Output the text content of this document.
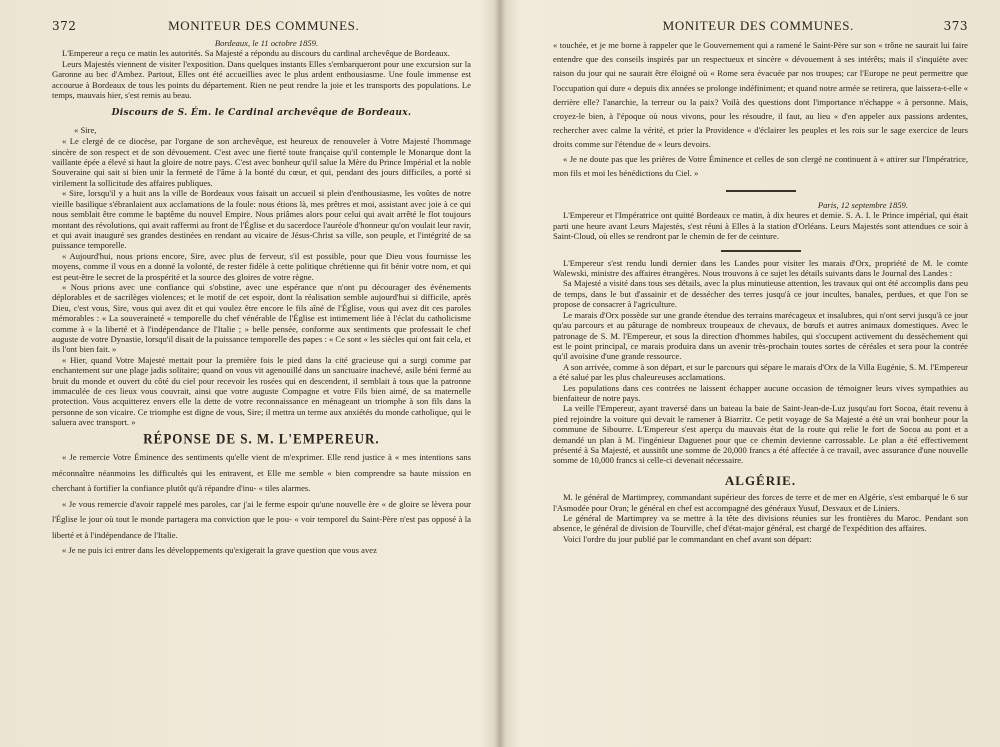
372	MONITEUR DES COMMUNES.

Bordeaux, le 11 octobre 1859.

L'Empereur a reçu ce matin les autorités. Sa Majesté a répondu au discours du cardinal archevêque de Bordeaux.

Leurs Majestés viennent de visiter l'exposition. Dans quelques instants Elles s'embarqueront pour une excursion sur la Garonne au bec d'Ambez. Partout, Elles ont été accueillies avec le plus ardent enthousiasme. Une foule immense est accourue à Bordeaux de tous les points du département. Rien ne peut rendre la joie et les transports des populations. Le temps, mauvais hier, s'est remis au beau.

Discours de S. Ém. le Cardinal archevêque de Bordeaux.

« Sire,

« Le clergé de ce diocèse, par l'organe de son archevêque, est heureux de renouveler à Votre Majesté l'hommage sincère de son respect et de son dévouement. C'est avec une fierté toute française qu'il contemple le Monarque dont la vaillante épée a élevé si haut la gloire de notre pays. C'est avec bonheur qu'il salue la Mère du Prince Impérial et la noble Souveraine qui sait si bien unir la fermeté de l'âme à la bonté du cœur, et qui, pendant des jours difficiles, a porté si virilement la sollicitude des affaires publiques.

« Sire, lorsqu'il y a huit ans la ville de Bordeaux vous faisait un accueil si plein d'enthousiasme, les voûtes de notre vieille basilique s'ébranlaient aux acclamations de la foule: nous étions là, mes prêtres et moi, assistant avec joie à ce qui nous semblait être comme le baptême du nouvel Empire. Nous priâmes alors pour celui qui avait arrêté le flot toujours montant des révolutions, qui avait raffermi au front de l'Église et du sacerdoce l'auréole d'honneur qu'on voulait leur ravir, et qui avait inauguré ses grandes destinées en rendant au vicaire de Jésus-Christ sa ville, son peuple, et l'intégrité de sa puissance temporelle.

« Aujourd'hui, nous prions encore, Sire, avec plus de ferveur, s'il est possible, pour que Dieu vous fournisse les moyens, comme il vous en a donné la volonté, de rester fidèle à cette politique chrétienne qui fit bénir votre nom, et qui est peut-être le secret de la prospérité et la source des gloires de votre règne.

« Nous prions avec une confiance qui s'obstine, avec une espérance que n'ont pu décourager des événements déplorables et de sacrilèges violences; et le motif de cet espoir, dont la réalisation semble aujourd'hui si difficile, après Dieu, c'est vous, Sire, vous qui avez dit et qui voulez être encore le fils aîné de l'Église, vous qui avez dit ces paroles mémorables : « La souveraineté « temporelle du chef vénérable de l'Église est intimement liée à l'éclat du catholicisme comme à « la liberté et à l'indépendance de l'Italie ; » belle pensée, conforme aux sentiments que professait le chef auguste de votre Dynastie, lorsqu'il disait de la puissance temporelle des papes : « Ce sont « les siècles qui ont fait cela, et ils l'ont bien fait. »

« Hier, quand Votre Majesté mettait pour la première fois le pied dans la cité gracieuse qui a surgi comme par enchantement sur une plage jadis solitaire; quand on vous vit agenouillé dans un sanctuaire inachevé, asile béni fermé au bruit du monde et ouvert du côté du ciel pour recevoir les rosées qui en descendent, il semblait à tous que la patronne immaculée de ces lieux vous couvrait, ainsi que votre auguste Compagne et votre Fils bien aimé, de sa maternelle protection. Vous acquitterez envers elle la dette de votre reconnaissance en ménageant un triomphe à son fils dans la personne de son vicaire. Ce triomphe est digne de vous, Sire; il mettra un terme aux anxiétés du monde catholique, qui le saluera avec transport. »

RÉPONSE DE S. M. L'EMPEREUR.

« Je remercie Votre Éminence des sentiments qu'elle vient de m'exprimer. Elle rend justice à « mes intentions sans méconnaître néanmoins les difficultés qui les entravent, et Elle me semble « bien comprendre sa haute mission en cherchant à fortifier la confiance plutôt qu'à répandre d'inu- « tiles alarmes.

« Je vous remercie d'avoir rappelé mes paroles, car j'ai le ferme espoir qu'une nouvelle ère « de gloire se lèvera pour l'Église le jour où tout le monde partagera ma conviction que le pou- « voir temporel du Saint-Père n'est pas opposé à la liberté et à l'indépendance de l'Italie.

« Je ne puis ici entrer dans les développements qu'exigerait la grave question que vous avez

MONITEUR DES COMMUNES.	373

« touchée, et je me borne à rappeler que le Gouvernement qui a ramené le Saint-Père sur son « trône ne saurait lui faire entendre que des conseils inspirés par un respectueux et sincère « dévouement à ses intérêts; mais il s'inquiète avec raison du jour qui ne saurait être éloigné où « Rome sera évacuée par nos troupes; car l'Europe ne peut permettre que l'occupation qui dure « depuis dix années se prolonge indéfiniment; et quand notre armée se retirera, que laissera-t-elle « derrière elle? l'anarchie, la terreur ou la paix? Voilà des questions dont l'importance n'échappe « à personne. Mais, croyez-le bien, à l'époque où nous vivons, pour les résoudre, il faut, au lieu « d'en appeler aux passions ardentes, rechercher avec calme la vérité, et prier la Providence « d'éclairer les peuples et les rois sur le sage exercice de leurs droits comme sur l'étendue de « leurs devoirs.

« Je ne doute pas que les prières de Votre Éminence et celles de son clergé ne continuent à « attirer sur l'Impératrice, mon fils et moi les bénédictions du Ciel. »

Paris, 12 septembre 1859.

L'Empereur et l'Impératrice ont quitté Bordeaux ce matin, à dix heures et demie. S. A. I. le Prince impérial, qui était parti une heure avant Leurs Majestés, s'est réuni à Elles à la station d'Orléans. Leurs Majestés sont attendues ce soir à Saint-Cloud, où elles se rendront par le chemin de fer de ceinture.

L'Empereur s'est rendu lundi dernier dans les Landes pour visiter les marais d'Orx, propriété de M. le comte Walewski, ministre des affaires étrangères. Nous trouvons à ce sujet les détails suivants dans le Journal des Landes :

Sa Majesté a visité dans tous ses détails, avec la plus minutieuse attention, les travaux qui ont été accomplis dans peu de temps, dans le but d'assainir et de dessécher des terres jusqu'à ce jour incultes, banales, perdues, et que l'on se propose de consacrer à l'agriculture.

Le marais d'Orx possède sur une grande étendue des terrains marécageux et insalubres, qui n'ont servi jusqu'à ce jour qu'au parcours et au pâturage de nombreux troupeaux de chevaux, de bœufs et autres animaux domestiques. Avec le patronage de S. M. l'Empereur, et sous la direction d'hommes habiles, qui s'occupent activement du dessèchement qui est le point principal, ce marais produira dans un avenir très-prochain toutes sortes de céréales et sera pour la contrée qu'il avoisine d'une grande ressource.

A son arrivée, comme à son départ, et sur le parcours qui sépare le marais d'Orx de la Villa Eugénie, S. M. l'Empereur a été salué par les plus chaleureuses acclamations.

Les populations dans ces contrées ne laissent échapper aucune occasion de témoigner leurs vives sympathies au bienfaiteur de notre pays.

La veille l'Empereur, ayant traversé dans un bateau la baie de Saint-Jean-de-Luz jusqu'au fort Socoa, était revenu à pied rejoindre la voiture qui devait le ramener à Biarritz. Ce petit voyage de Sa Majesté a été un vrai bonheur pour la commune de Sibourre. L'Empereur s'est aperçu du mauvais état de la route qui relie le fort de Socoa au pont et a demandé un plan à M. l'ingénieur Daguenet pour que ce chemin devienne carrossable. Le plan a été effectivement présenté à Sa Majesté, et aussitôt une somme de 20,000 francs a été affectée à ce travail, avec assurance d'une nouvelle somme de 10,000 francs si celle-ci devenait nécessaire.

ALGÉRIE.

M. le général de Martimprey, commandant supérieur des forces de terre et de mer en Algérie, s'est embarqué le 6 sur l'Asmodée pour Oran; le général en chef est accompagné des généraux Yusuf, Desvaux et de Liniers.

Le général de Martimprey va se mettre à la tête des divisions réunies sur les frontières du Maroc. Pendant son absence, le général de division de Tourville, chef d'état-major général, est chargé de l'expédition des affaires.

Voici l'ordre du jour publié par le commandant en chef avant son départ:
